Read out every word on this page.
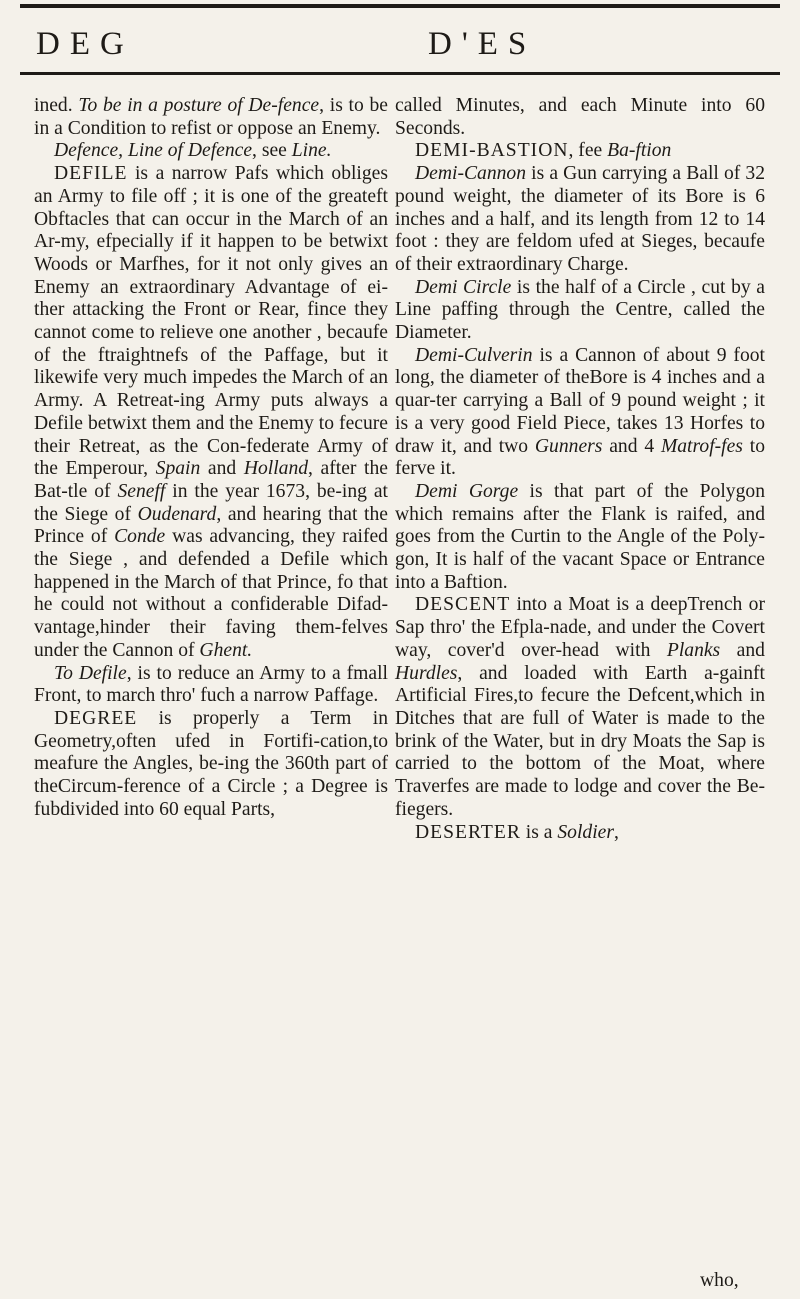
DEG	D'ES

ined. To be in a posture of De-fence, is to be in a Condition to refist or oppose an Enemy.

Defence, Line of Defence, see Line.

DEFILE is a narrow Pafs which obliges an Army to file off ; it is one of the greateft Obftacles that can occur in the March of an Ar-my, efpecially if it happen to be betwixt Woods or Marfhes, for it not only gives an Enemy an extraordinary Advantage of ei-ther attacking the Front or Rear, fince they cannot come to relieve one another , becaufe of the ftraightnefs of the Paffage, but it likewife very much impedes the March of an Army. A Retreat-ing Army puts always a Defile betwixt them and the Enemy to fecure their Retreat, as the Con-federate Army of the Emperour, Spain and Holland, after the Bat-tle of Seneff in the year 1673, be-ing at the Siege of Oudenard, and hearing that the Prince of Conde was advancing, they raifed the Siege , and defended a Defile which happened in the March of that Prince, fo that he could not without a confiderable Difad-vantage,hinder their faving them-felves under the Cannon of Ghent.

To Defile, is to reduce an Army to a fmall Front, to march thro' fuch a narrow Paffage.

DEGREE is properly a Term in Geometry,often ufed in Fortifi-cation,to meafure the Angles, be-ing the 360th part of theCircum-ference of a Circle ; a Degree is fubdivided into 60 equal Parts,

called Minutes, and each Minute into 60 Seconds.

DEMI-BASTION, fee Ba-ftion

Demi-Cannon is a Gun carrying a Ball of 32 pound weight, the diameter of its Bore is 6 inches and a half, and its length from 12 to 14 foot : they are feldom ufed at Sieges, becaufe of their extraordinary Charge.

Demi Circle is the half of a Circle , cut by a Line paffing through the Centre, called the Diameter.

Demi-Culverin is a Cannon of about 9 foot long, the diameter of theBore is 4 inches and a quar-ter carrying a Ball of 9 pound weight ; it is a very good Field Piece, takes 13 Horfes to draw it, and two Gunners and 4 Matrof-fes to ferve it.

Demi Gorge is that part of the Polygon which remains after the Flank is raifed, and goes from the Curtin to the Angle of the Poly-gon, It is half of the vacant Space or Entrance into a Baftion.

DESCENT into a Moat is a deepTrench or Sap thro' the Efpla-nade, and under the Covert way, cover'd over-head with Planks and Hurdles, and loaded with Earth a-gainft Artificial Fires,to fecure the Defcent,which in Ditches that are full of Water is made to the brink of the Water, but in dry Moats the Sap is carried to the bottom of the Moat, where Traverfes are made to lodge and cover the Be-fiegers.

DESERTER is a Soldier,

who,
